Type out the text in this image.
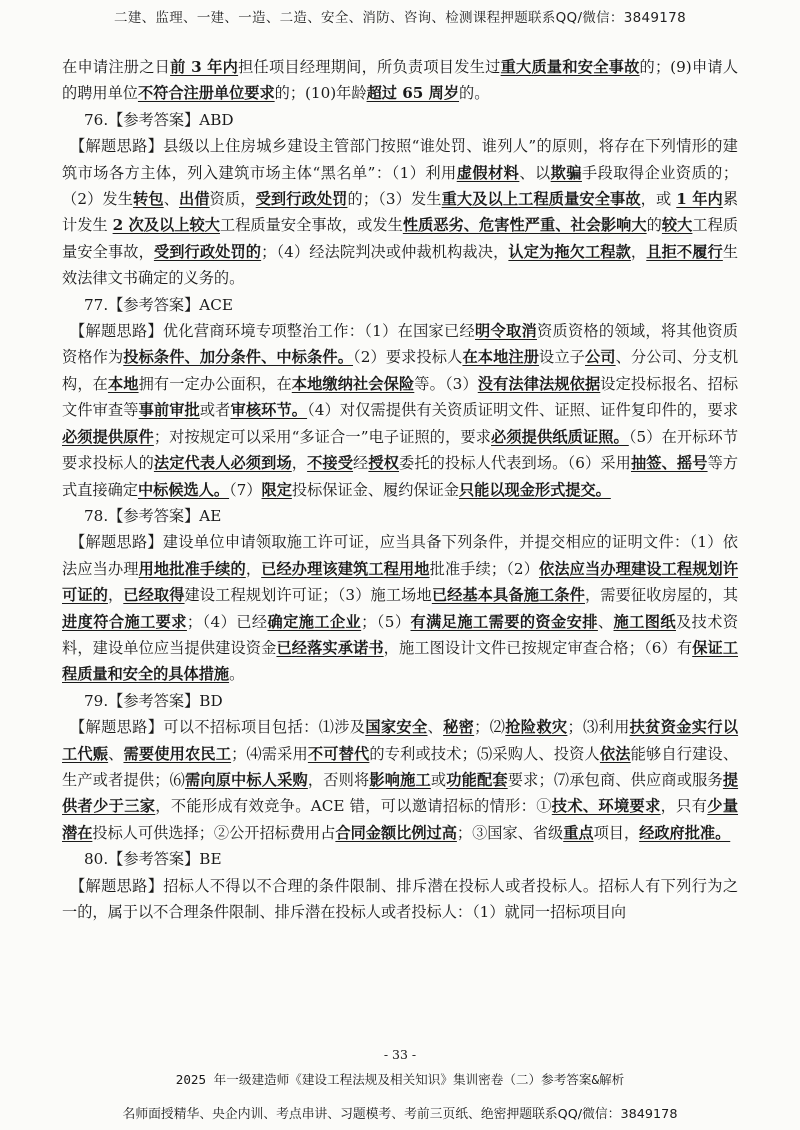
二建、监理、一建、一造、二造、安全、消防、咨询、检测课程押题联系QQ/微信：3849178

在申请注册之日前 3 年内担任项目经理期间，所负责项目发生过重大质量和安全事故的；(9)申请人的聘用单位不符合注册单位要求的；(10)年龄超过 65 周岁的。

76.【参考答案】ABD

【解题思路】县级以上住房城乡建设主管部门按照“谁处罚、谁列人”的原则，将存在下列情形的建筑市场各方主体，列入建筑市场主体“黑名单”：（1）利用虚假材料、以欺骗手段取得企业资质的；（2）发生转包、出借资质，受到行政处罚的；（3）发生重大及以上工程质量安全事故，或 1 年内累计发生 2 次及以上较大工程质量安全事故，或发生性质恶劣、危害性严重、社会影响大的较大工程质量安全事故，受到行政处罚的；（4）经法院判决或仲裁机构裁决，认定为拖欠工程款，且拒不履行生效法律文书确定的义务的。

77.【参考答案】ACE

【解题思路】优化营商环境专项整治工作：（1）在国家已经明令取消资质资格的领域，将其他资质资格作为投标条件、加分条件、中标条件。（2）要求投标人在本地注册设立子公司、分公司、分支机构，在本地拥有一定办公面积，在本地缴纳社会保险等。（3）没有法律法规依据设定投标报名、招标文件审查等事前审批或者审核环节。（4）对仅需提供有关资质证明文件、证照、证件复印件的，要求必须提供原件；对按规定可以采用“多证合一”电子证照的，要求必须提供纸质证照。（5）在开标环节要求投标人的法定代表人必须到场，不接受经授权委托的投标人代表到场。（6）采用抽签、摇号等方式直接确定中标候选人。（7）限定投标保证金、履约保证金只能以现金形式提交。

78.【参考答案】AE

【解题思路】建设单位申请领取施工许可证，应当具备下列条件，并提交相应的证明文件：（1）依法应当办理用地批准手续的，已经办理该建筑工程用地批准手续；（2）依法应当办理建设工程规划许可证的，已经取得建设工程规划许可证；（3）施工场地已经基本具备施工条件，需要征收房屋的，其进度符合施工要求；（4）已经确定施工企业；（5）有满足施工需要的资金安排、施工图纸及技术资料，建设单位应当提供建设资金已经落实承诺书，施工图设计文件已按规定审查合格；（6）有保证工程质量和安全的具体措施。

79.【参考答案】BD

【解题思路】可以不招标项目包括：⑴涉及国家安全、秘密；⑵抢险救灾；⑶利用扶贫资金实行以工代赈、需要使用农民工；⑷需采用不可替代的专利或技术；⑸采购人、投资人依法能够自行建设、生产或者提供；⑹需向原中标人采购，否则将影响施工或功能配套要求；⑺承包商、供应商或服务提供者少于三家，不能形成有效竞争。ACE 错，可以邀请招标的情形：①技术、环境要求，只有少量潜在投标人可供选择；②公开招标费用占合同金额比例过高；③国家、省级重点项目，经政府批准。

80.【参考答案】BE

【解题思路】招标人不得以不合理的条件限制、排斥潜在投标人或者投标人。招标人有下列行为之一的，属于以不合理条件限制、排斥潜在投标人或者投标人：（1）就同一招标项目向

- 33 -
2025 年一级建造师《建设工程法规及相关知识》集训密卷（二）参考答案&解析
名师面授精华、央企内训、考点串讲、习题模考、考前三页纸、绝密押题联系QQ/微信：3849178
